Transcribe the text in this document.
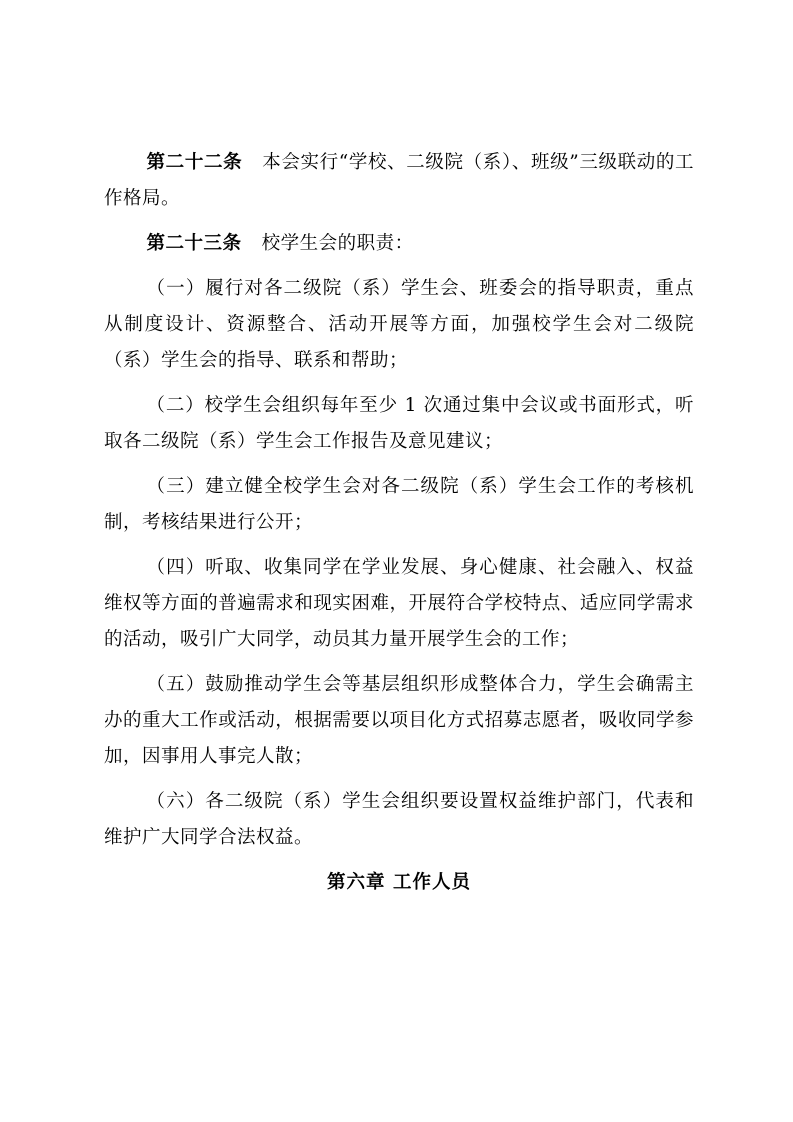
第二十二条 本会实行“学校、二级院（系）、班级”三级联动的工作格局。

第二十三条 校学生会的职责：

（一）履行对各二级院（系）学生会、班委会的指导职责，重点从制度设计、资源整合、活动开展等方面，加强校学生会对二级院（系）学生会的指导、联系和帮助；

（二）校学生会组织每年至少 1 次通过集中会议或书面形式，听取各二级院（系）学生会工作报告及意见建议；

（三）建立健全校学生会对各二级院（系）学生会工作的考核机制，考核结果进行公开；

（四）听取、收集同学在学业发展、身心健康、社会融入、权益维权等方面的普遍需求和现实困难，开展符合学校特点、适应同学需求的活动，吸引广大同学，动员其力量开展学生会的工作；

（五）鼓励推动学生会等基层组织形成整体合力，学生会确需主办的重大工作或活动，根据需要以项目化方式招募志愿者，吸收同学参加，因事用人事完人散；

（六）各二级院（系）学生会组织要设置权益维护部门，代表和维护广大同学合法权益。

第六章 工作人员
